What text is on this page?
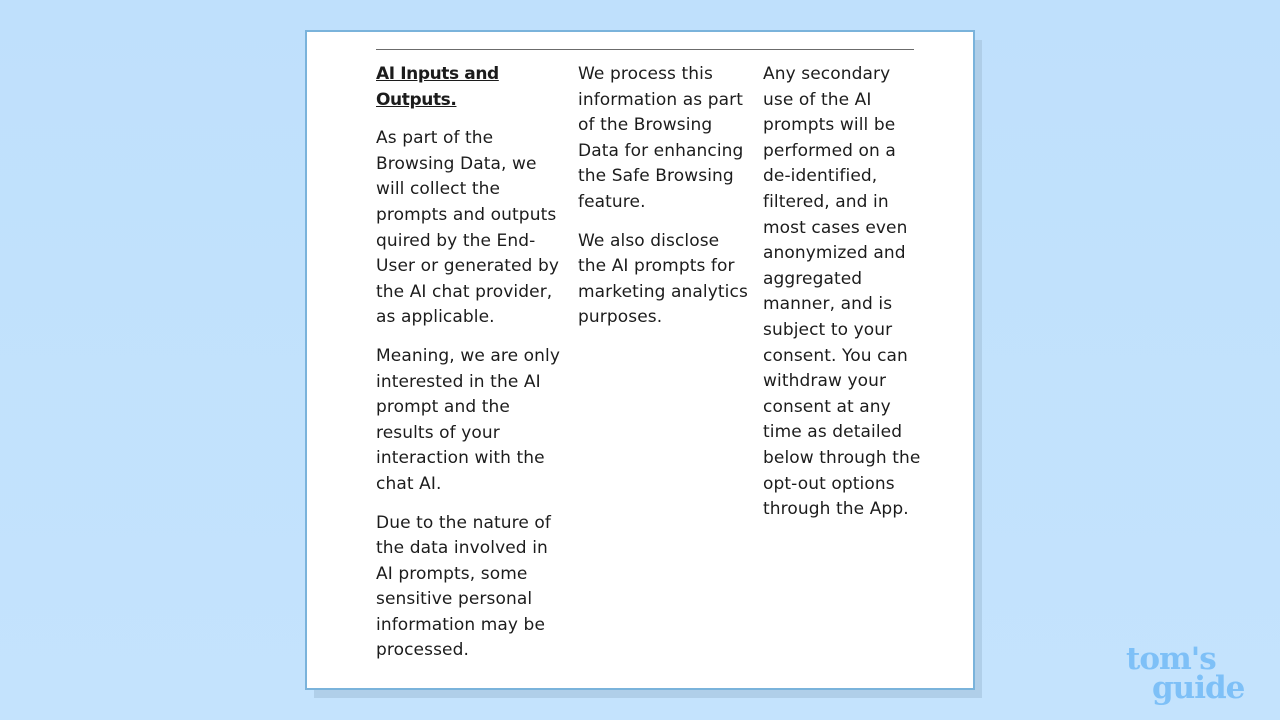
AI Inputs and Outputs.

As part of the Browsing Data, we will collect the prompts and outputs quired by the End-User or generated by the AI chat provider, as applicable.

Meaning, we are only interested in the AI prompt and the results of your interaction with the chat AI.

Due to the nature of the data involved in AI prompts, some sensitive personal information may be processed.

We process this information as part of the Browsing Data for enhancing the Safe Browsing feature.

We also disclose the AI prompts for marketing analytics purposes.

Any secondary use of the AI prompts will be performed on a de-identified, filtered, and in most cases even anonymized and aggregated manner, and is subject to your consent. You can withdraw your consent at any time as detailed below through the opt-out options through the App.

tom's
guide
